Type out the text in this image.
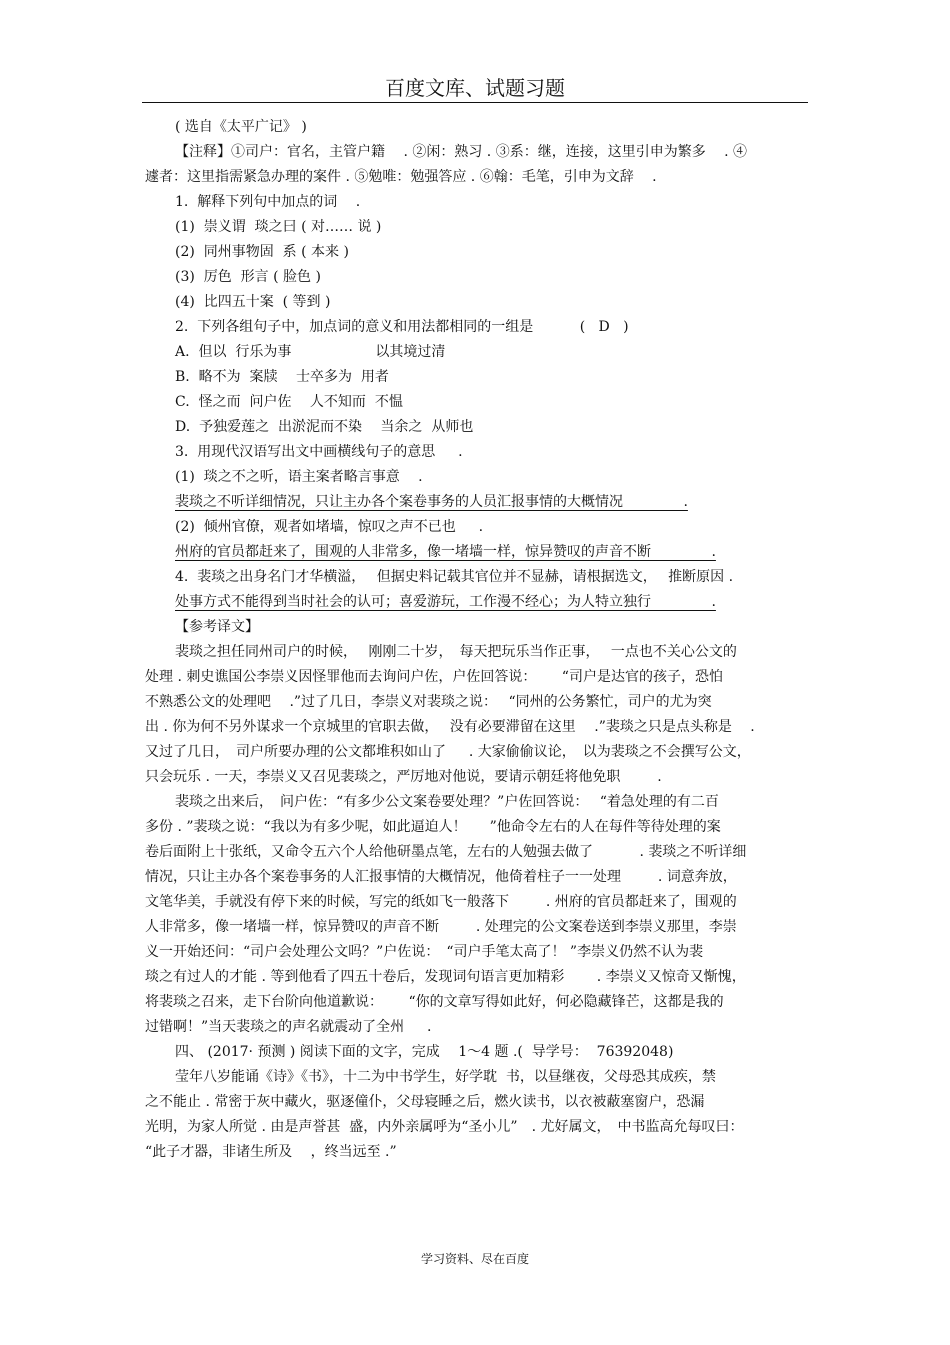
百度文库、试题习题
( 选自《太平广记》 )
【注释】①司户：官名，主管户籍　 . ②闲：熟习 . ③系：继，连接，这里引申为繁多 　. ④
遽者：这里指需紧急办理的案件 . ⑤勉唯：勉强答应 . ⑥翰：毛笔，引申为文辞 　.
1.  解释下列句中加点的词 　.
(1)  崇义谓  琰之曰 ( 对…… 说 )
(2)  同州事物固  系 ( 本来 )
(3)  厉色  形言 ( 脸色 )
(4)  比四五十案  ( 等到 )
2.  下列各组句子中，加点词的意义和用法都相同的一组是　　　 (   D   )
A.  但以  行乐为事　　　　　　以其境过清
B.  略不为  案牍　 士卒多为  用者
C.  怪之而  问户佐　 人不知而  不愠
D.  予独爱莲之  出淤泥而不染　 当余之  从师也
3.  用现代汉语写出文中画横线句子的意思 　 .
(1)  琰之不之听，语主案者略言事意 　.
裴琰之不听详细情况，只让主办各个案卷事务的人员汇报事情的大概情况　　　　 .
(2)  倾州官僚，观者如堵墙，惊叹之声不已也 　 .
州府的官员都赶来了，围观的人非常多，像一堵墙一样，惊异赞叹的声音不断　　　　 .
4.  裴琰之出身名门才华横溢，　 但据史料记载其官位并不显赫，请根据选文，　 推断原因 .
处事方式不能得到当时社会的认可；喜爱游玩，工作漫不经心；为人特立独行　　　　 .
【参考译文】
裴琰之担任同州司户的时候，　 刚刚二十岁，　每天把玩乐当作正事，　 一点也不关心公文的
处理 . 刺史谯国公李崇义因怪罪他而去询问户佐，户佐回答说：　　 “司户是达官的孩子，恐怕
不熟悉公文的处理吧 　.”过了几日，李崇义对裴琰之说：　 “同州的公务繁忙，司户的尤为突
出 . 你为何不另外谋求一个京城里的官职去做，　 没有必要滞留在这里 　.”裴琰之只是点头称是 　.
又过了几日，　司户所要办理的公文都堆积如山了 　 . 大家偷偷议论，　以为裴琰之不会撰写公文，
只会玩乐 . 一天，李崇义又召见裴琰之，严厉地对他说，要请示朝廷将他免职 　　 .
裴琰之出来后，　问户佐：“有多少公文案卷要处理？”户佐回答说：　 “着急处理的有二百
多份 . ”裴琰之说：“我以为有多少呢，如此逼迫人！ 　 ”他命令左右的人在每件等待处理的案
卷后面附上十张纸，又命令五六个人给他研墨点笔，左右的人勉强去做了　　　 . 裴琰之不听详细
情况，只让主办各个案卷事务的人汇报事情的大概情况，他倚着柱子一一处理 　　 . 词意奔放，
文笔华美，手就没有停下来的时候，写完的纸如飞一般落下 　　 . 州府的官员都赶来了，围观的
人非常多，像一堵墙一样，惊异赞叹的声音不断 　　 . 处理完的公文案卷送到李崇义那里，李崇
义一开始还问：“司户会处理公文吗？”户佐说：　“司户手笔太高了！ ”李崇义仍然不认为裴
琰之有过人的才能 . 等到他看了四五十卷后，发现词句语言更加精彩 　　. 李崇义又惊奇又惭愧，
将裴琰之召来，走下台阶向他道歉说：　　 “你的文章写得如此好，何必隐藏锋芒，这都是我的
过错啊！”当天裴琰之的声名就震动了全州 　 .
四、 (2017· 预测 ) 阅读下面的文字，完成 　1～4 题 .(  导学号：  76392048)
莹年八岁能诵《诗》《书》，十二为中书学生，好学耽  书，以昼继夜，父母恐其成疾，禁
之不能止 . 常密于灰中藏火，驱逐僮仆，父母寝睡之后，燃火读书，以衣被蔽塞窗户，恐漏
光明，为家人所觉 . 由是声誉甚  盛，内外亲属呼为“圣小儿”　. 尤好属文，　中书监高允每叹曰：
“此子才器，非诸生所及 　，终当远至 .”
学习资料、尽在百度
